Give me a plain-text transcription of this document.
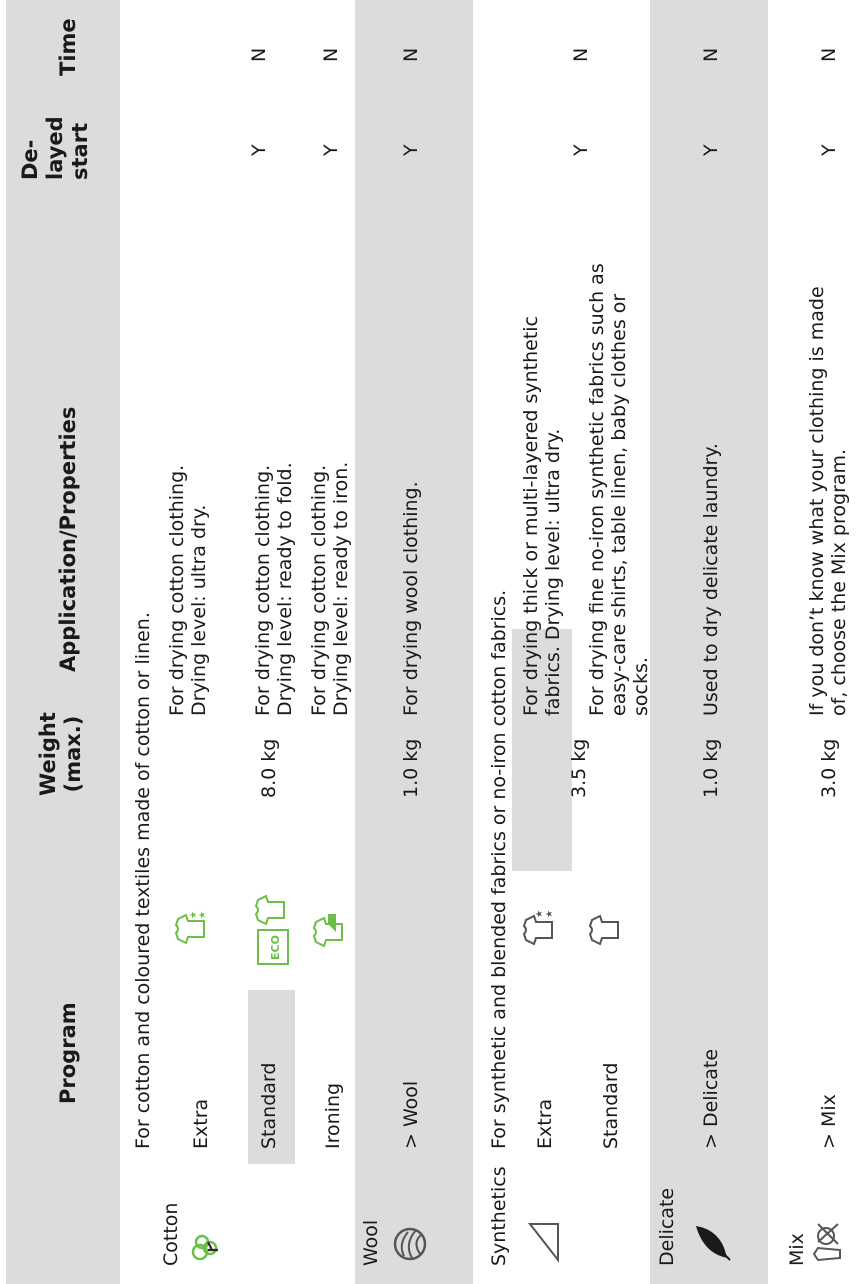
Weight
(max.)
Program
Application/Properties
De-
layed
start
Time
Cotton
For cotton and coloured textiles made of cotton or linen. Extra
★ ★
For drying cotton clothing.
Drying level: ultra dry.
Y
N
Standard
ECO
8.0 kg
For drying cotton clothing.
Drying level: ready to fold.
Ironing
For drying cotton clothing.
Drying level: ready to iron.
Y
N
Wool
> Wool
1.0 kg
For drying wool clothing.
Y
N
Synthetics
For synthetic and blended fabrics or no-iron cotton fabrics. Extra
★ ★
3.5 kg
For drying thick or multi-layered synthetic fabrics. Drying level: ultra dry.
Y
N
Standard
For drying fine no-iron synthetic fabrics such as easy-care shirts, table linen, baby clothes or socks.
Delicate
> Delicate
1.0 kg
Used to dry delicate laundry.
Y
N
Mix
> Mix
3.0 kg
If you don’t know what your clothing is made of, choose the Mix program.
Y
N
